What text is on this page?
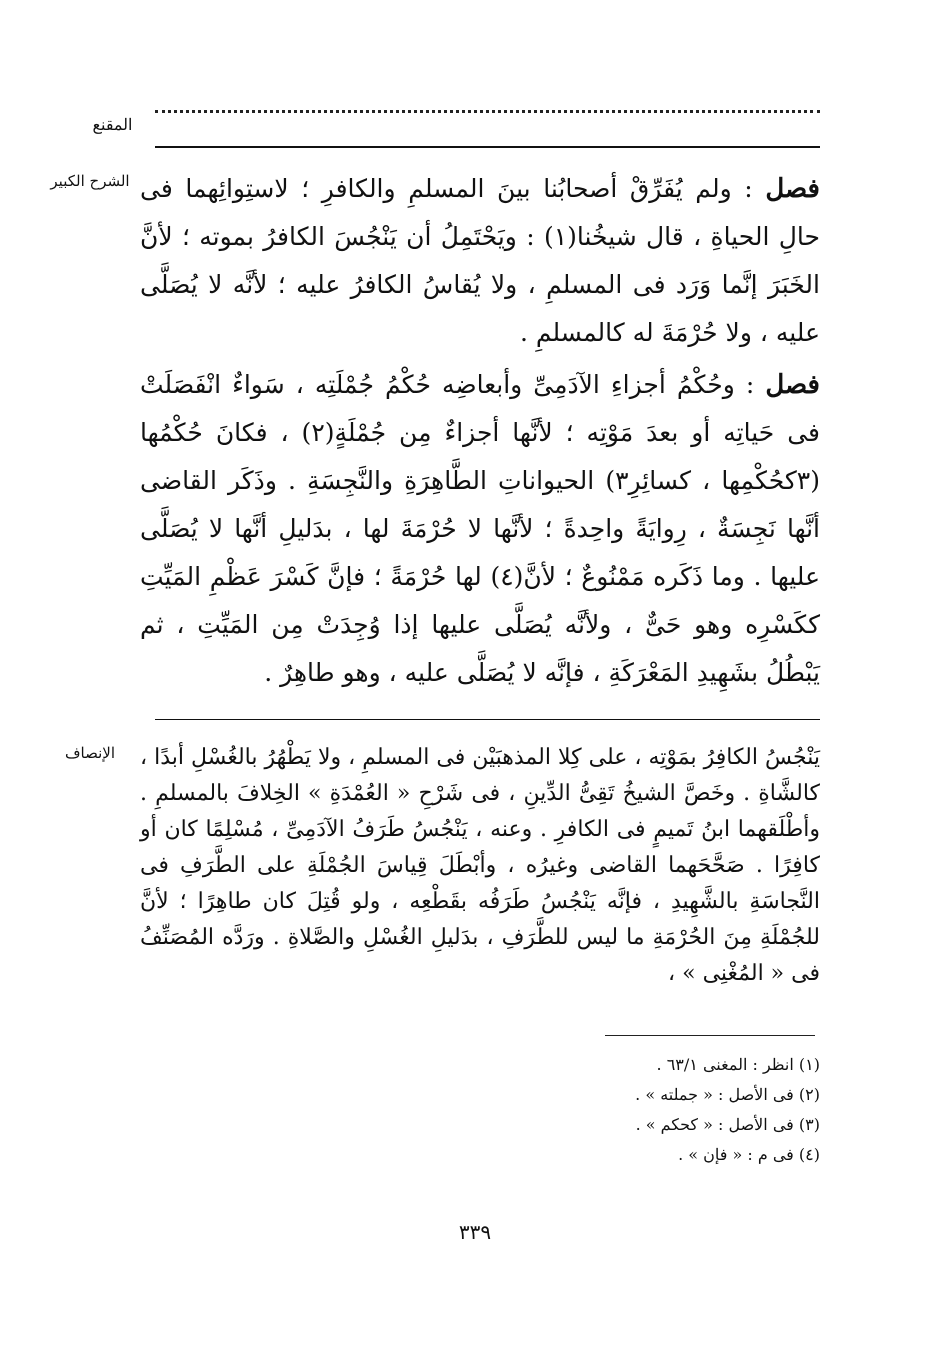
المقنع
الشرح الكبير	فصل : ولم يُفَرِّقْ أصحابُنا بينَ المسلمِ والكافرِ ؛ لاستِوائِهما فى حالِ الحياةِ ، قال شيخُنا(١) : ويَحْتَمِلُ أن يَنْجُسَ الكافرُ بموته ؛ لأنَّ الخَبَرَ إنَّما وَرَد فى المسلمِ ، ولا يُقاسُ الكافرُ عليه ؛ لأنَّه لا يُصَلَّى عليه ، ولا حُرْمَةَ له كالمسلمِ .

فصل : وحُكْمُ أجزاءِ الآدَمِىِّ وأبعاضِه حُكْمُ جُمْلَتِه ، سَواءٌ انْفَصَلَتْ فى حَياتِه أو بعدَ مَوْتِه ؛ لأنَّها أجزاءٌ مِن جُمْلَةٍ(٢) ، فكانَ حُكْمُها (٣كحُكْمِها ، كسائِرِ٣) الحيواناتِ الطَّاهِرَةِ والنَّجِسَةِ . وذَكَر القاضى أنَّها نَجِسَةٌ ، رِوايَةً واحِدةً ؛ لأنَّها لا حُرْمَةَ لها ، بدَليلِ أنَّها لا يُصَلَّى عليها . وما ذَكَره مَمْنُوعٌ ؛ لأنَّ(٤) لها حُرْمَةً ؛ فإنَّ كَسْرَ عَظْمِ المَيِّتِ ككَسْرِه وهو حَىٌّ ، ولأنَّه يُصَلَّى عليها إذا وُجِدَتْ مِن المَيِّتِ ، ثم يَبْطُلُ بشَهِيدِ المَعْرَكَةِ ، فإنَّه لا يُصَلَّى عليه ، وهو طاهِرٌ .

الإنصاف	يَنْجُسُ الكافِرُ بمَوْتِه ، على كِلا المذهبَيْن فى المسلمِ ، ولا يَطْهُرُ بالغُسْلِ أبدًا ، كالشَّاةِ . وخَصَّ الشيخُ تَقِىُّ الدِّينِ ، فى شَرْحِ « العُمْدَةِ » الخِلافَ بالمسلمِ . وأطْلَقهما ابنُ تَميمٍ فى الكافرِ . وعنه ، يَنْجُسُ طَرَفُ الآدَمِىِّ ، مُسْلِمًا كان أو كافِرًا . صَحَّحَهما القاضى وغيرُه ، وأبْطَلَ قِياسَ الجُمْلَةِ على الطَّرَفِ فى النَّجاسَةِ بالشَّهِيدِ ، فإنَّه يَنْجُسُ طَرَفُه بقَطْعِه ، ولو قُتِلَ كان طاهِرًا ؛ لأنَّ للجُمْلَةِ مِنَ الحُرْمَةِ ما ليس للطَّرَفِ ، بدَليلِ الغُسْلِ والصَّلاةِ . ورَدَّه المُصَنِّفُ فى « المُغْنِى » ،

(١) انظر : المغنى ٦٣/١ .
(٢) فى الأصل : « جملته » .
(٣) فى الأصل : « كحكم » .
(٤) فى م : « فإن » .
٣٣٩
